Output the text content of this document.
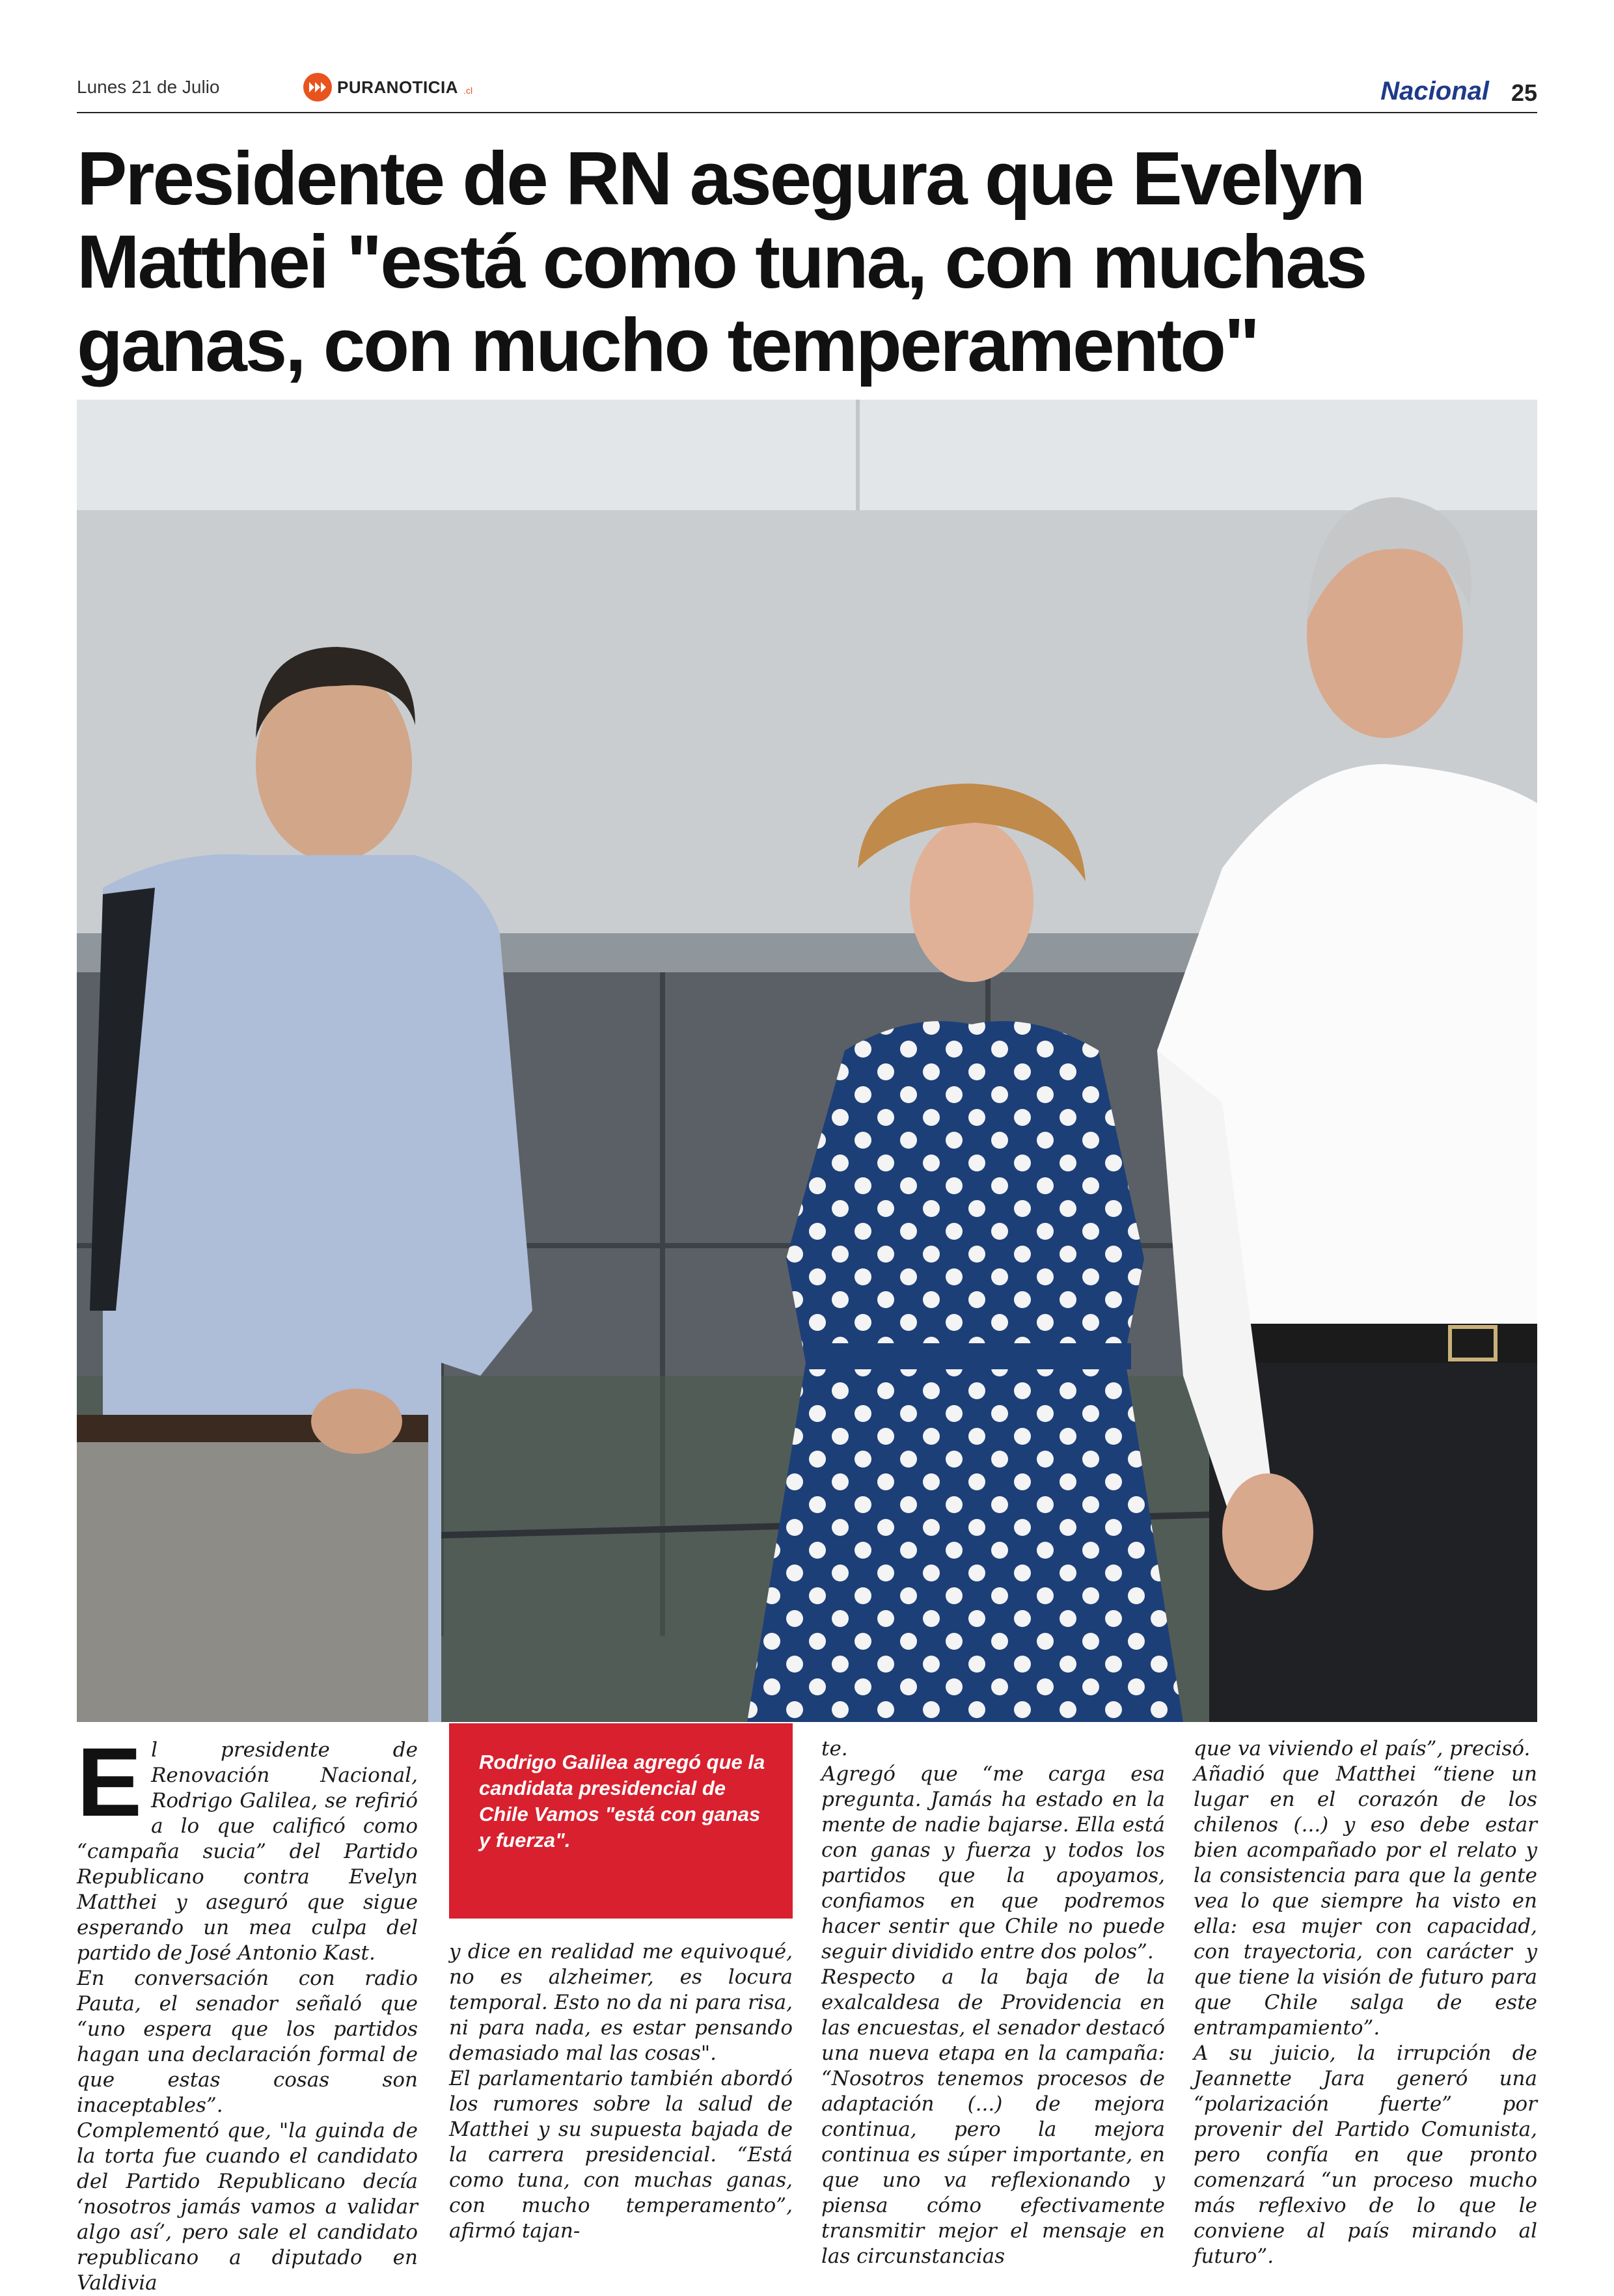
Lunes 21 de Julio	PURANOTICIA .cl	Nacional 25
Presidente de RN asegura que Evelyn Matthei "está como tuna, con muchas ganas, con mucho temperamento"
Rodrigo Galilea agregó que la candidata presidencial de Chile Vamos "está con ganas y fuerza".
E l presidente de Renovación Nacional, Rodrigo Galilea, se refirió a lo que calificó como “campaña sucia” del Partido Republicano contra Evelyn Matthei y aseguró que sigue esperando un mea culpa del partido de José Antonio Kast.

En conversación con radio Pauta, el senador señaló que “uno espera que los partidos hagan una declaración formal de que estas cosas son inaceptables”.

Complementó que, "la guinda de la torta fue cuando el candidato del Partido Republicano decía ‘nosotros jamás vamos a validar algo así’, pero sale el candidato republicano a diputado en Valdivia

y dice en realidad me equivoqué, no es alzheimer, es locura temporal. Esto no da ni para risa, ni para nada, es estar pensando demasiado mal las cosas".

El parlamentario también abordó los rumores sobre la salud de Matthei y su supuesta bajada de la carrera presidencial. “Está como tuna, con muchas ganas, con mucho temperamento”, afirmó tajan-

te.

Agregó que “me carga esa pregunta. Jamás ha estado en la mente de nadie bajarse. Ella está con ganas y fuerza y todos los partidos que la apoyamos, confiamos en que podremos hacer sentir que Chile no puede seguir dividido entre dos polos”.

Respecto a la baja de la exalcaldesa de Providencia en las encuestas, el senador destacó una nueva etapa en la campaña: “Nosotros tenemos procesos de adaptación (...) de mejora continua, pero la mejora continua es súper importante, en que uno va reflexionando y piensa cómo efectivamente transmitir mejor el mensaje en las circunstancias

que va viviendo el país”, precisó.

Añadió que Matthei “tiene un lugar en el corazón de los chilenos (...) y eso debe estar bien acompañado por el relato y la consistencia para que la gente vea lo que siempre ha visto en ella: esa mujer con capacidad, con trayectoria, con carácter y que tiene la visión de futuro para que Chile salga de este entrampamiento”.

A su juicio, la irrupción de Jeannette Jara generó una “polarización fuerte” por provenir del Partido Comunista, pero confía en que pronto comenzará “un proceso mucho más reflexivo de lo que le conviene al país mirando al futuro”.
